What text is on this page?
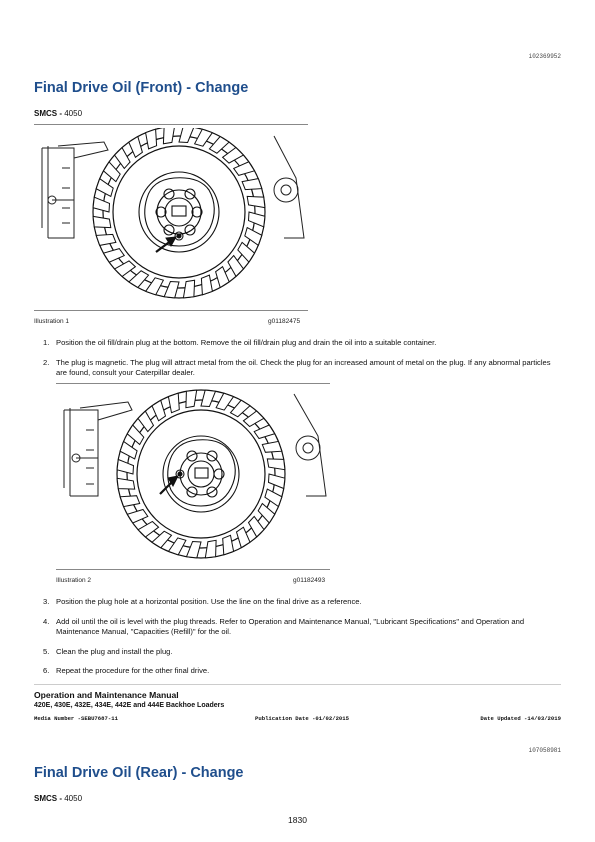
i02369952
Final Drive Oil (Front) - Change
SMCS - 4050
Illustration 1	g01182475
1. Position the oil fill/drain plug at the bottom. Remove the oil fill/drain plug and drain the oil into a suitable container.
2. The plug is magnetic. The plug will attract metal from the oil. Check the plug for an increased amount of metal on the plug. If any abnormal particles are found, consult your Caterpillar dealer.
Illustration 2	g01182493
3. Position the plug hole at a horizontal position. Use the line on the final drive as a reference.
4. Add oil until the oil is level with the plug threads. Refer to Operation and Maintenance Manual, "Lubricant Specifications" and Operation and Maintenance Manual, "Capacities (Refill)" for the oil.
5. Clean the plug and install the plug.
6. Repeat the procedure for the other final drive.
Operation and Maintenance Manual
420E, 430E, 432E, 434E, 442E and 444E Backhoe Loaders
Media Number -SEBU7687-11	Publication Date -01/02/2015	Date Updated -14/03/2019
i07058981
Final Drive Oil (Rear) - Change
SMCS - 4050
1830
